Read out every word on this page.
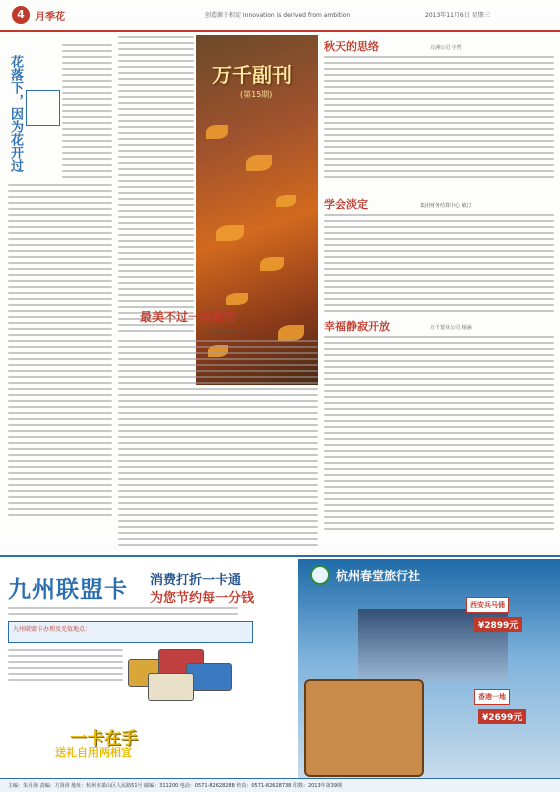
4	月季花	创造源于积淀 Innovation is derived from ambition	2013年11月6日 星期三
花落下，因为花开过	万千副刊
(第15期)
最美不过一缕微笑
万千置业公司 小悦
秋天的思络	万洲公司 宇哲
学会淡定	集团财务结算中心 敏汀
幸福静寂开放	万千置业公司 杨涵
九州联盟卡 消费打折一卡通
为您节约每一分钱
九州联盟卡办理及充值地点：
一卡在手
送礼自用两相宜
杭州春堂旅行社
西安兵马俑
¥2899元
香港一地
¥2699元
主编：朱月海 责编：方贤涛 地址：杭州市萧山区人民路51号 邮编：311200 电话：0571-82628288 传真：0571-82628738 印数：2013年第39期
